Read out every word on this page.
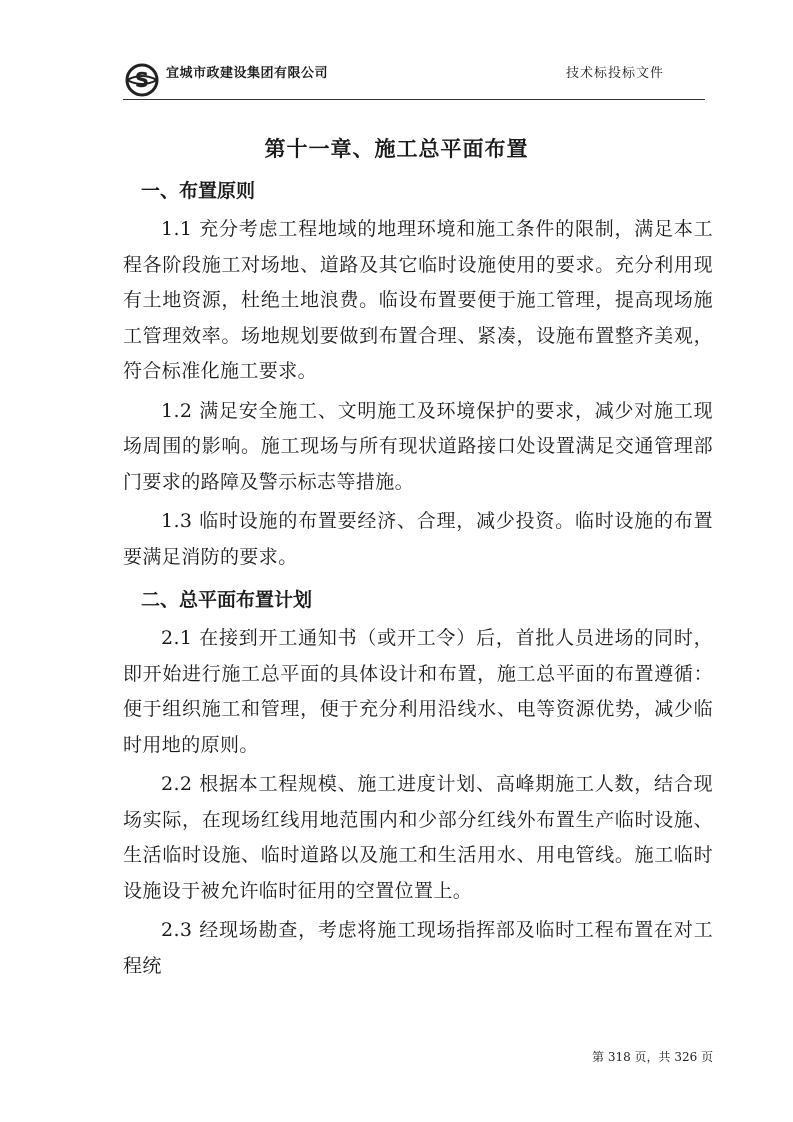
S 宜城市政建设集团有限公司	技术标投标文件
第十一章、施工总平面布置
一、布置原则

1.1 充分考虑工程地域的地理环境和施工条件的限制，满足本工程各阶段施工对场地、道路及其它临时设施使用的要求。充分利用现有土地资源，杜绝土地浪费。临设布置要便于施工管理，提高现场施工管理效率。场地规划要做到布置合理、紧凑，设施布置整齐美观，符合标准化施工要求。

1.2 满足安全施工、文明施工及环境保护的要求，减少对施工现场周围的影响。施工现场与所有现状道路接口处设置满足交通管理部门要求的路障及警示标志等措施。

1.3 临时设施的布置要经济、合理，减少投资。临时设施的布置要满足消防的要求。

二、总平面布置计划

2.1 在接到开工通知书（或开工令）后，首批人员进场的同时，即开始进行施工总平面的具体设计和布置，施工总平面的布置遵循：便于组织施工和管理，便于充分利用沿线水、电等资源优势，减少临时用地的原则。

2.2 根据本工程规模、施工进度计划、高峰期施工人数，结合现场实际，在现场红线用地范围内和少部分红线外布置生产临时设施、生活临时设施、临时道路以及施工和生活用水、用电管线。施工临时设施设于被允许临时征用的空置位置上。

2.3 经现场勘查，考虑将施工现场指挥部及临时工程布置在对工程统

第 318 页，共 326 页
